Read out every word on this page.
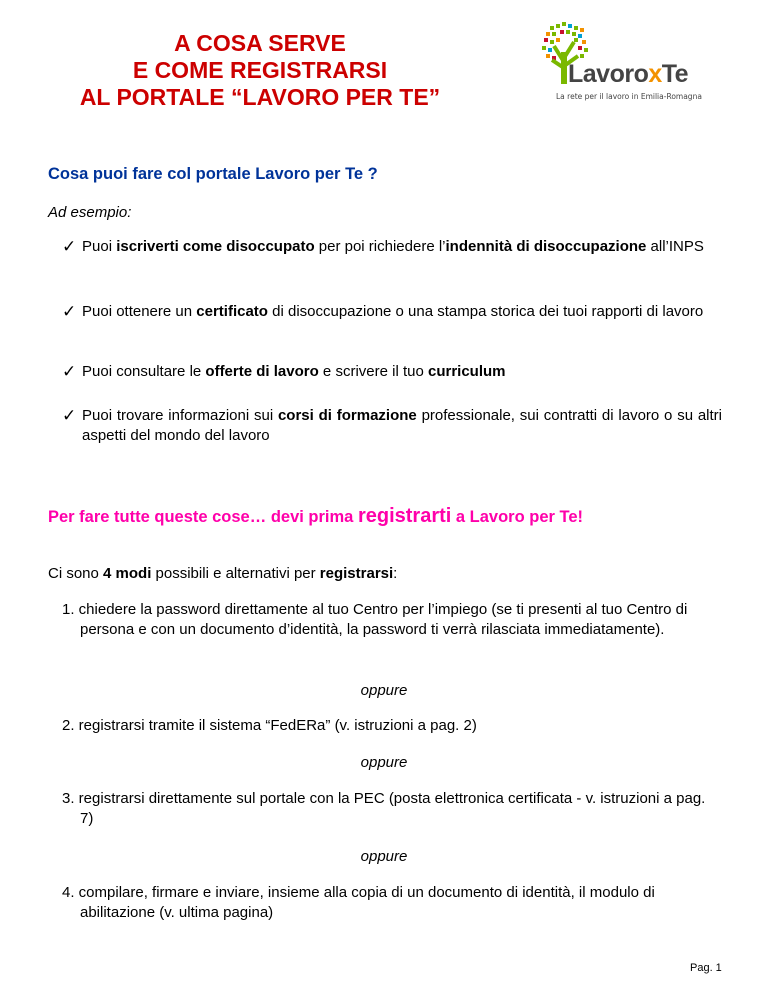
A COSA SERVE
E COME REGISTRARSI
AL PORTALE “LAVORO PER TE”
LavoroxTe
La rete per il lavoro in Emilia-Romagna
Cosa puoi fare col portale Lavoro per Te ?
Ad esempio:
✓ Puoi iscriverti come disoccupato per poi richiedere l’indennità di disoccupazione all’INPS
✓ Puoi ottenere un certificato di disoccupazione o una stampa storica dei tuoi rapporti di lavoro
✓ Puoi consultare le offerte di lavoro e scrivere il tuo curriculum
✓ Puoi trovare informazioni sui corsi di formazione professionale, sui contratti di lavoro o su altri aspetti del mondo del lavoro
Per fare tutte queste cose… devi prima registrarti a Lavoro per Te!
Ci sono 4 modi possibili e alternativi per registrarsi:
1. chiedere la password direttamente al tuo Centro per l’impiego (se ti presenti al tuo Centro di persona e con un documento d’identità, la password ti verrà rilasciata immediatamente).
oppure
2. registrarsi tramite il sistema “FedERa” (v. istruzioni a pag. 2)
oppure
3. registrarsi direttamente sul portale con la PEC (posta elettronica certificata - v. istruzioni a pag. 7)
oppure
4. compilare, firmare e inviare, insieme alla copia di un documento di identità, il modulo di abilitazione (v. ultima pagina)
Pag. 1
